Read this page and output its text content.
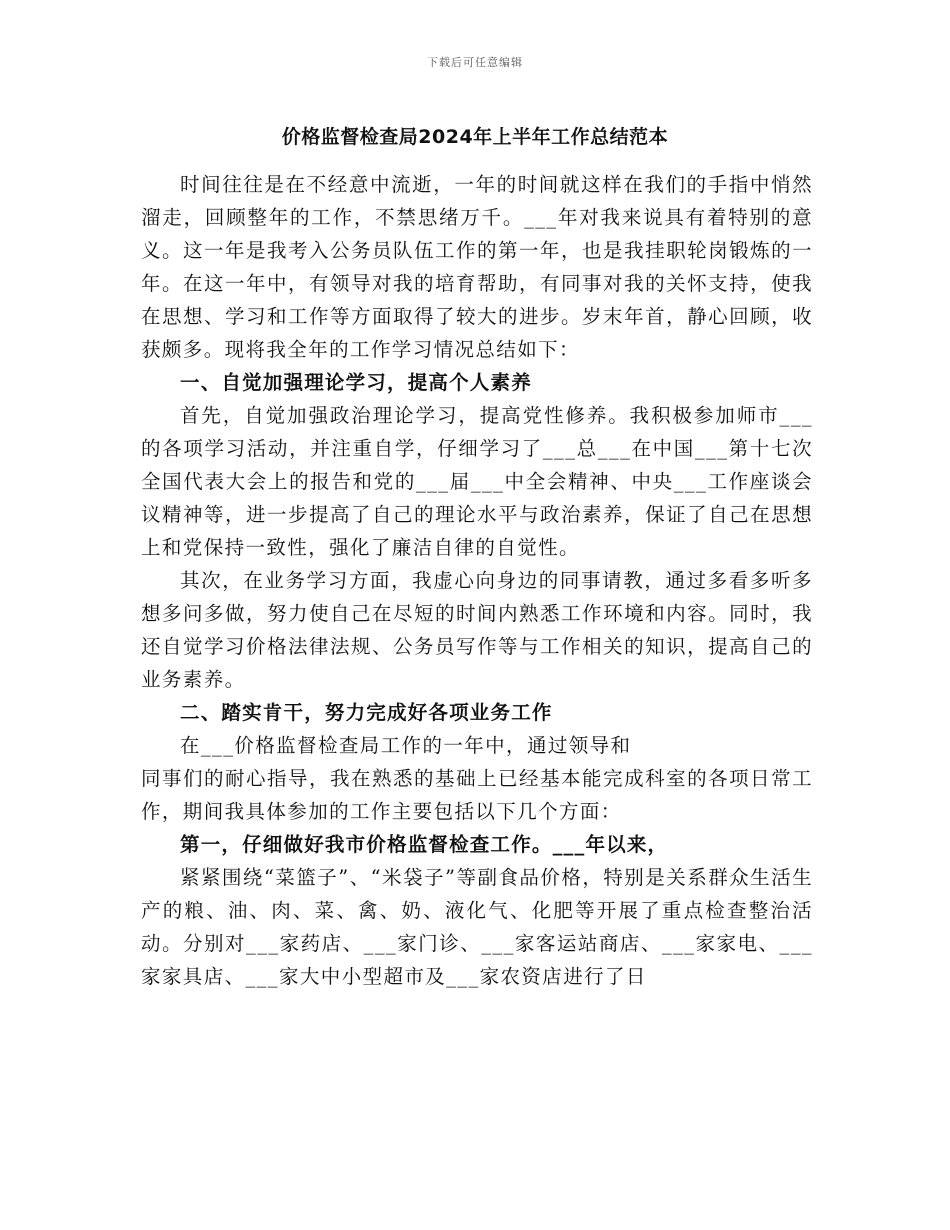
下载后可任意编辑
价格监督检查局2024年上半年工作总结范本

时间往往是在不经意中流逝，一年的时间就这样在我们的手指中悄然溜走，回顾整年的工作，不禁思绪万千。___年对我来说具有着特别的意义。这一年是我考入公务员队伍工作的第一年，也是我挂职轮岗锻炼的一年。在这一年中，有领导对我的培育帮助，有同事对我的关怀支持，使我在思想、学习和工作等方面取得了较大的进步。岁末年首，静心回顾，收获颇多。现将我全年的工作学习情况总结如下：

一、自觉加强理论学习，提高个人素养

首先，自觉加强政治理论学习，提高党性修养。我积极参加师市___的各项学习活动，并注重自学，仔细学习了___总___在中国___第十七次全国代表大会上的报告和党的___届___中全会精神、中央___工作座谈会议精神等，进一步提高了自己的理论水平与政治素养，保证了自己在思想上和党保持一致性，强化了廉洁自律的自觉性。

其次，在业务学习方面，我虚心向身边的同事请教，通过多看多听多想多问多做，努力使自己在尽短的时间内熟悉工作环境和内容。同时，我还自觉学习价格法律法规、公务员写作等与工作相关的知识，提高自己的业务素养。

二、踏实肯干，努力完成好各项业务工作

在___价格监督检查局工作的一年中，通过领导和

同事们的耐心指导，我在熟悉的基础上已经基本能完成科室的各项日常工作，期间我具体参加的工作主要包括以下几个方面：

第一，仔细做好我市价格监督检查工作。___年以来，

紧紧围绕“菜篮子”、“米袋子”等副食品价格，特别是关系群众生活生产的粮、油、肉、菜、禽、奶、液化气、化肥等开展了重点检查整治活动。分别对___家药店、___家门诊、___家客运站商店、___家家电、___家家具店、___家大中小型超市及___家农资店进行了日
